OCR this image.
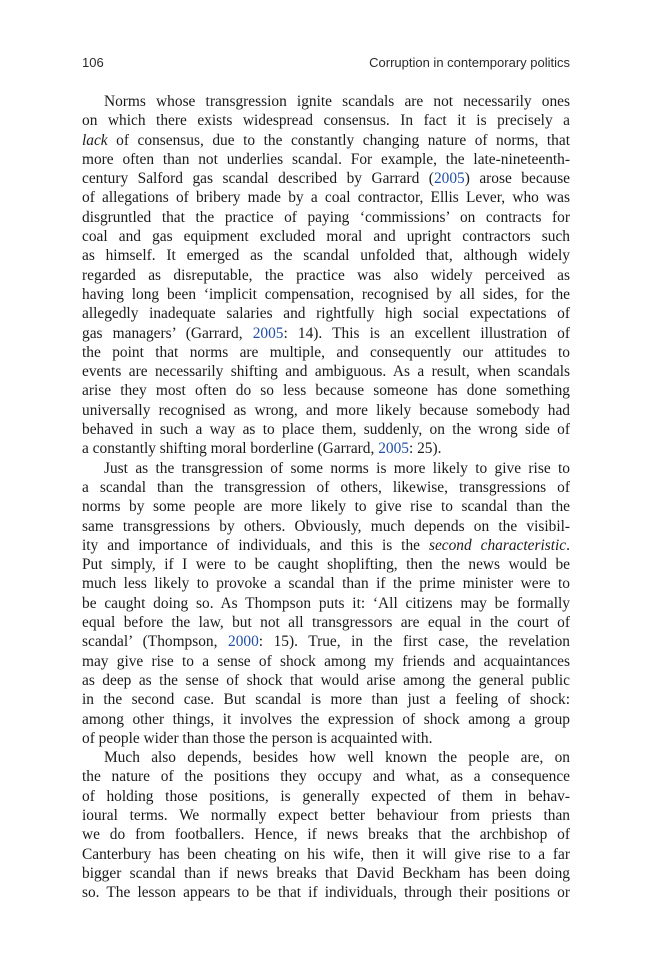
106	Corruption in contemporary politics
Norms whose transgression ignite scandals are not necessarily ones
on which there exists widespread consensus. In fact it is precisely a
lack of consensus, due to the constantly changing nature of norms, that
more often than not underlies scandal. For example, the late-nineteenth-
century Salford gas scandal described by Garrard (2005) arose because
of allegations of bribery made by a coal contractor, Ellis Lever, who was
disgruntled that the practice of paying ‘commissions’ on contracts for
coal and gas equipment excluded moral and upright contractors such
as himself. It emerged as the scandal unfolded that, although widely
regarded as disreputable, the practice was also widely perceived as
having long been ‘implicit compensation, recognised by all sides, for the
allegedly inadequate salaries and rightfully high social expectations of
gas managers’ (Garrard, 2005: 14). This is an excellent illustration of
the point that norms are multiple, and consequently our attitudes to
events are necessarily shifting and ambiguous. As a result, when scandals
arise they most often do so less because someone has done something
universally recognised as wrong, and more likely because somebody had
behaved in such a way as to place them, suddenly, on the wrong side of
a constantly shifting moral borderline (Garrard, 2005: 25).
Just as the transgression of some norms is more likely to give rise to
a scandal than the transgression of others, likewise, transgressions of
norms by some people are more likely to give rise to scandal than the
same transgressions by others. Obviously, much depends on the visibil-
ity and importance of individuals, and this is the second characteristic.
Put simply, if I were to be caught shoplifting, then the news would be
much less likely to provoke a scandal than if the prime minister were to
be caught doing so. As Thompson puts it: ‘All citizens may be formally
equal before the law, but not all transgressors are equal in the court of
scandal’ (Thompson, 2000: 15). True, in the first case, the revelation
may give rise to a sense of shock among my friends and acquaintances
as deep as the sense of shock that would arise among the general public
in the second case. But scandal is more than just a feeling of shock:
among other things, it involves the expression of shock among a group
of people wider than those the person is acquainted with.
Much also depends, besides how well known the people are, on
the nature of the positions they occupy and what, as a consequence
of holding those positions, is generally expected of them in behav-
ioural terms. We normally expect better behaviour from priests than
we do from footballers. Hence, if news breaks that the archbishop of
Canterbury has been cheating on his wife, then it will give rise to a far
bigger scandal than if news breaks that David Beckham has been doing
so. The lesson appears to be that if individuals, through their positions or
